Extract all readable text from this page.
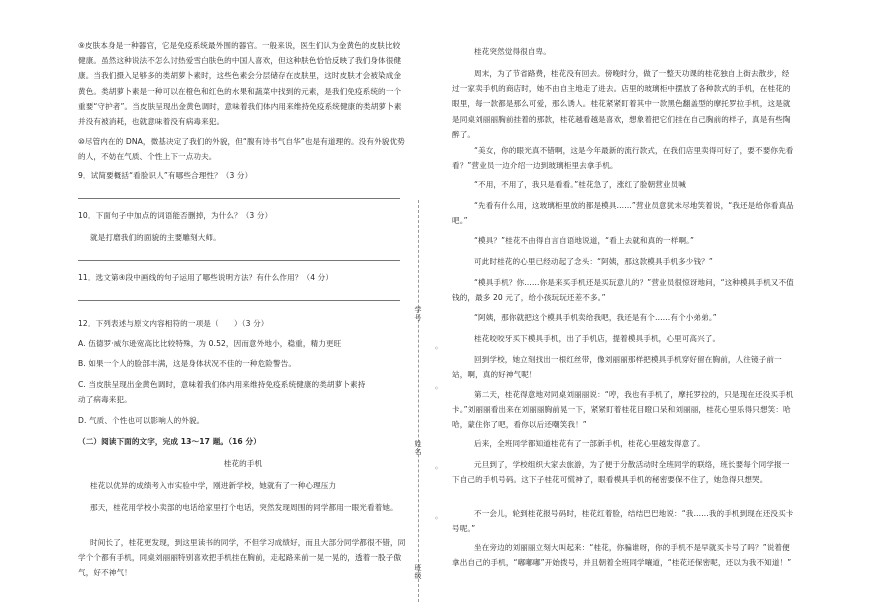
⑨皮肤本身是一种器官，它是免疫系统最外围的器官。一般来说，医生们认为金黄色的皮肤比较健康。虽然这种说法不怎么讨热爱雪白肤色的中国人喜欢，但这种肤色恰恰反映了我们身体很健康。当我们摄入足够多的类胡萝卜素时，这些色素会分层储存在皮肤里，这时皮肤才会被染成金黄色。类胡萝卜素是一种可以在橙色和红色的水果和蔬菜中找到的元素，是我们免疫系统的一个重要“守护者”。当皮肤呈现出金黄色调时，意味着我们体内用来维持免疫系统健康的类胡萝卜素并没有被消耗，也就意味着没有病毒来犯。
⑩尽管内在的 DNA，微基决定了我们的外貌，但“腹有诗书气自华”也是有道理的。没有外貌优势的人，不妨在气质、个性上下一点功夫。
9．试简要概括“看脸识人”有哪些合理性？（3 分）
10．下面句子中加点的词语能否删掉，为什么？（3 分）
就是打磨我们的面貌的主要雕刻大师。
11．选文第④段中画线的句子运用了哪些说明方法？有什么作用？（4 分）
12．下列表述与原文内容相符的一项是（　　）（3 分）
A. 伍德罗·威尔逊宽高比比较特殊，为 0.52，因而意外地小，稳重，精力更旺
B. 如果一个人的脸部丰满，这是身体状况不佳的一种危险警告。
C. 当皮肤呈现出金黄色调时，意味着我们体内用来维持免疫系统健康的类胡萝卜素持
动了病毒来犯。
D. 气质、个性也可以影响人的外貌。
（二）阅读下面的文字，完成 13～17 题。（16 分）
桂花的手机
桂花以优异的成绩考入市实验中学，刚进新学校，她就有了一种心理压力
那天，桂花用学校小卖部的电话给家里打个电话，突然发现周围的同学都用一眼光看着她。
时间长了，桂花更发现，到这里读书的同学，不但学习成绩好，而且大部分同学都很不错，同学个个都有手机，同桌刘丽丽特别喜欢把手机挂在胸前，走起路来前一晃一晃的，透着一股子傲气，好不神气！
学号
姓名
班级
◦
◦
◦
◦
桂花突然觉得很自卑。
周末，为了节省路费，桂花没有回去。傍晚时分，做了一整天功课的桂花独自上街去散步，经过一家卖手机的商店时，她不由自主地走了进去。店里的玻璃柜中摆放了各种款式的手机，在桂花的眼里，每一款都是那么可爱，那么诱人。桂花紧紧盯着其中一款黑色翻盖型的摩托罗拉手机，这是就是同桌刘丽丽胸前挂着的那款，桂花越看越是喜欢，想象着把它们挂在自己胸前的样子，真是有些陶醉了。
“美女，你的眼光真不错啊，这是今年最新的流行款式，在我们店里卖得可好了，要不要你先看看？”营业员一边介绍一边到玻璃柜里去拿手机。
“不用，不用了，我只是看看。”桂花急了，涨红了脸朝营业员喊
“先看有什么用，这玻璃柜里放的都是模具……”营业员意犹未尽地笑着说，“我还是给你看真品吧。”
“模具？”桂花不由得自言自语地说道，“看上去就和真的一样啊。”
可此时桂花的心里已经动起了念头：“阿姨，那这款模具手机多少钱？”
“模具手机？你……你是来买手机还是买玩意儿的？”营业员很惊讶地问，“这种模具手机又不值钱的，最多 20 元了，给小孩玩玩还差不多。”
“阿姨，那你就把这个模具手机卖给我吧，我还是有个……有个小弟弟。”
桂花咬咬牙买下模具手机，出了手机店，提着模具手机，心里可高兴了。
回到学校，她立刻找出一根红丝带，像刘丽丽那样把模具手机穿好留在胸前，人往镜子前一站，啊，真的好神气呢！
第二天，桂花得意地对同桌刘丽丽说：“哼，我也有手机了，摩托罗拉的，只是现在还没买手机卡。”刘丽丽看出来在刘丽丽胸前晃一下，紧紧盯着桂花目瞪口呆和刘丽丽，桂花心里乐得只想笑：哈哈，蒙住你了吧，看你以后还嘲笑我！”
后来，全班同学都知道桂花有了一部新手机，桂花心里越发得意了。
元旦到了，学校组织大家去旅游，为了便于分散活动时全班同学的联络，班长要每个同学报一下自己的手机号码。这下子桂花可慌神了，眼看模具手机的秘密要保不住了，她急得只想哭。
不一会儿，轮到桂花报号码时，桂花红着脸，结结巴巴地说：“我……我的手机到现在还没买卡号呢。”
坐在旁边的刘丽丽立刻大叫起来：“桂花，你骗谁呀，你的手机不是早就买卡号了吗？”说着便拿出自己的手机，“嘟嘟嘟”开始拨号，并且朝着全班同学嚷道，“桂花还保密呢，还以为我不知道！”
